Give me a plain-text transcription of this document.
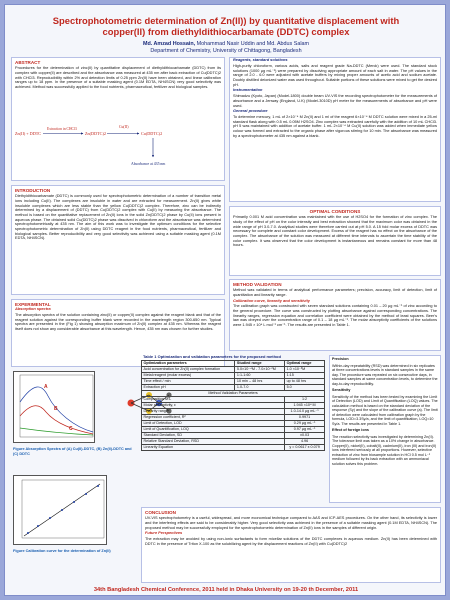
Spectrophotometric determination of Zn(II)) by quantitative displacement with
copper(II) from diethyldithiocarbamate (DDTC) complex
Md. Amzad Hossain, Mohammad Nasir Uddin and Md. Abdus Salam
Department of Chemistry, University of Chittagong, Bangladesh
ABSTRACT
Procedures for the determination of zinc(II) by quantitative displacement of diethyldithiocarbamate (DDTC) from its complex with copper(II) are described and the absorbance was measured at 435 nm after back extraction of Cu(DDTC)2 with CHCl3. Reproducibility within 2% and detection limits of 0.25 ppm Zn(II) have been obtained, and linear calibration ranges up to 18 ppm. In the presence of a suitable masking agent (0.1M EDTA, NH4SCN) very good selectivity was achieved. Method was successfully applied to the food nutrients, pharmaceutical, fertilizer and biological samples.
Zn(II) + DDTC
Extraction in CHCl3
Zn(DDTC)2
Cu(II)
Cu(DDTC)2
Absorbance at 435 nm
Reagents, standard solutions
High-purity chloroform, various acids, salts and reagent grade Na-DDTC (Merck) were used. The standard stock solutions (1000 µg mL⁻¹) were prepared by dissolving appropriate amount of each salt in water. The pH values in the range of 2.0 - 6.0 were adjusted with acetate buffers by mixing proper amounts of acetic acid and sodium acetate. Doubly distilled deionized water was used throughout. Suitable portions of these solutions were mixed to get the desired pH.
Instrumentation
Shimadzu (Kyoto, Japan) (Model-1800) double beam UV-VIS the recording spectrophotometer for the measurements of absorbance and a Jenway (England, U.K) (Model-3010D) pH meter for the measurements of absorbance and pH were used.
General procedure
To determine mercury, 1 mL of 2×10⁻⁴ M Zn(II) and 1 ml of the reagent 6×10⁻⁴ M DDTC solution were mixed in a 25-ml standard flask along with 0.5 mL 0.05M H2SO4. Zinc complex was extracted carefully with the addition of 10 mL CHCl3. pH 5 was maintained with addition of acetate buffer. 1 mL 2×10⁻⁴ M Cu(II) solution was added when immediate yellow colour was formed and extracted to the organic phase after vigorous stirring for 10 min. The absorbance was measured by a spectrophotometer at 435 nm against a blank.
INTRODUCTION
Diethyldithiocarbamate (DDTC) is commonly used for spectrophotometric determination of a number of transition metal ions including Cu(II). The complexes are insoluble in water and are extracted for measurement. Zn(II) gives white insoluble complexes which are less stable than the yellow Cu(DDTC)2 complex. Therefore, zinc can be indirectly determined by a displacement of (DDTC) from Cu(DDTC)2 complex with Cu(II) by measuring the absorbance. The method is based on the quantitative replacement of Zn(II) ions in the solid Zn(DDTC)2 phase by Cu(II) ions present in aqueous phase. The obtained solid Cu(DDTC)2 phase was dissolved in chloroform and the absorbance was determined spectrophotometrically at 435 nm. The aim of this work was to investigate the optimum conditions for the selective spectrophotometric determination of Zn(II) using DDTC reagent in the food nutrients, pharmaceutical, fertilizer and biological samples. Better reproducibility and very good selectivity was achieved using a suitable masking agent (0.1M EDTA, NH4SCN).
OPTIMAL CONDITIONS
Primarily 0.001 M acid concentration was maintained with the use of H2SO4 for the formation of zinc complex. The study of the effect of pH on the color intensity and best extraction showed that the maximum color was obtained in the wide range of pH 3.0-7.0. Analytical studies were therefore carried out at pH 5.0. A 15 fold molar excess of DDTC was necessary for complete and constant color development. Excess of the reagent has no effect on the absorbance of the complex. The absorbance of the solution was measured at different time intervals to ascertain the time stability of the color complex. It was observed that the color development is instantaneous and remains constant for more than 48 hours.
METHOD VALIDATION
Method was validated in terms of analytical performance parameters; precision, accuracy, limit of detection, limit of quantitation and linearity range.
Calibration curve, linearity and sensitivity
The calibration graph was constructed with seven standard solutions containing 0.01 – 20 µg mL⁻¹ of zinc according to the general procedure. The curve was constructed by plotting absorbance against corresponding concentrations. The linearity ranges, regression equation and correlation coefficient were obtained by the method of least squares. Beer's law was obeyed over the concentration range of 0.1 – 18 µg mL⁻¹. The molar absorptivity coefficients of the solutions were 1.945 × 10⁴ L mol⁻¹ cm⁻¹. The results are presented in Table 1.
EXPERIMENTAL
Absorption spectra
The absorption spectra of the solution containing zinc(II) or copper(II) complex against the reagent blank and that of the reagent solution against the corresponding buffer blank were recorded in the wavelength region 300-650 nm. Typical spectra are presented in the (Fig 1) showing absorption maximum of Zn(II) complex at 435 nm. Whereas the reagent itself does not show any considerable absorbance at this wavelength. Hence, 435 nm was chosen for further studies.
A
B
C
Figure Absorption Spectra of (A) Cu(II)-DDTC, (B) Zn(II)-DDTC and (C) DDTC
Figure Calibration curve for the determination of Zn(II)
Table 1 Optimization and validation parameters for the proposed method
Optimization parameters	Studied range	Optimal range
Acid concentration for Zn(II) complex formation	5.0×10⁻⁴M - 7.0×10⁻²M	1.0 ×10⁻³M
Metal:reagent (molar excess)	1:1-1:60	1:15
Time effect / min	10 min – 48 hrs	up to 48 hrs
Extraction pH	1.0-7.0	5.0
Method Validation Parameters		
Composition M:L		1:2
Molar absorptivity, ε		1.945 ×10⁴ M
Linearity range		1.0-14.0 µg mL⁻¹
Regression coefficient, R²		0.9971
Limit of Detection, LOD		0.29 µg mL⁻¹
Limit of Quantification, LOQ		0.97 µg mL⁻¹
Standard Deviation, SD		±0.03
Relative Standard Deviation, RSD		4.96
Linearity Equation		y = 0.0617 x 0.079
Precision
Within-day repeatability (RSD) was determined in six replicates at three concentrations levels in standard samples in the same day. The procedure was repeated on six consecutive days, in standard samples at same concentration levels, to determine the day-to-day reproducibility.
Sensitivity
Sensitivity of the method has been tested by examining the Limit of Detection (LOD) and Limit of Quantification (LOQ) values. The calculation method is based on the standard deviation of the response (Sy) and the slope of the calibration curve (a). The limit of detection were calculated from calibration graph by the formula, LOD=3.3Sy/a, and the limit of quantification, LOQ=10 Sy/a. The results are presented in Table 1.
Effect of foreign ions
The reaction selectivity was investigated by determining Zn(II). The tolerance limit was taken as a 10% change in absorbance. Copper(II), nickel(II), cobalt(II), cadmium(II), iron (III) and iron(II) ions interfered seriously at all proportions. However, selective extraction of zinc from biosample solution in HCl 0.5 mol L⁻¹ medium followed by its back extraction with an ammoniacal solution solves this problem.
CONCLUSION
UV-VIS spectrophotometry is a useful, widespread, and more economical technique compared to AAS and ICP-AES procedures. On the other hand, its selectivity is lower and the interfering effects are said to be considerably higher. Very good selectivity was achieved in the presence of a suitable masking agent (0.1M EDTA, NH4SCN). The proposed method may be successfully employed for the spectrophotometric determination of Zn(II) ions in the samples of different origin.
Future Perspectives
The extraction may be avoided by using non-ionic surfactants to form micellar solutions of the DDTC complexes in aqueous medium. Zn(II) has been determined with DDTC in the presence of Triton X-100 as the solubilizing agent by the displacement reactions of Zn(II) with Cu(DDTC)2
34th Bangladesh Chemical Conference, 2011 held in Dhaka University on 19-20 th December, 2011
